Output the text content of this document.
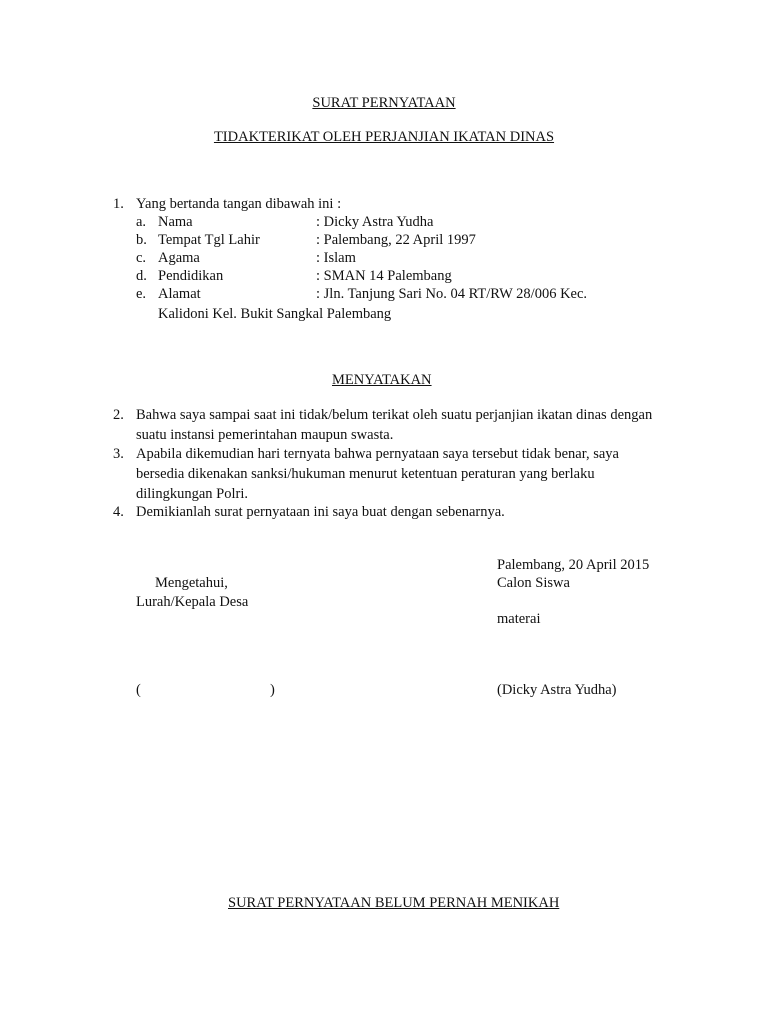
SURAT PERNYATAAN
TIDAKTERIKAT OLEH PERJANJIAN IKATAN DINAS
1. Yang bertanda tangan dibawah ini :
a. Nama	: Dicky Astra Yudha
b. Tempat Tgl Lahir	: Palembang, 22 April 1997
c. Agama	: Islam
d. Pendidikan	: SMAN 14 Palembang
e. Alamat	: Jln. Tanjung Sari No. 04 RT/RW 28/006 Kec.
Kalidoni Kel. Bukit Sangkal Palembang
MENYATAKAN
2. Bahwa saya sampai saat ini tidak/belum terikat oleh suatu perjanjian ikatan dinas dengan
suatu instansi pemerintahan maupun swasta.
3. Apabila dikemudian hari ternyata bahwa pernyataan saya tersebut tidak benar, saya
bersedia dikenakan sanksi/hukuman menurut ketentuan peraturan yang berlaku
dilingkungan Polri.
4. Demikianlah surat pernyataan ini saya buat dengan sebenarnya.
Palembang, 20 April 2015
Mengetahui,	Calon Siswa
Lurah/Kepala Desa
materai
(	)	(Dicky Astra Yudha)
SURAT PERNYATAAN BELUM PERNAH MENIKAH
